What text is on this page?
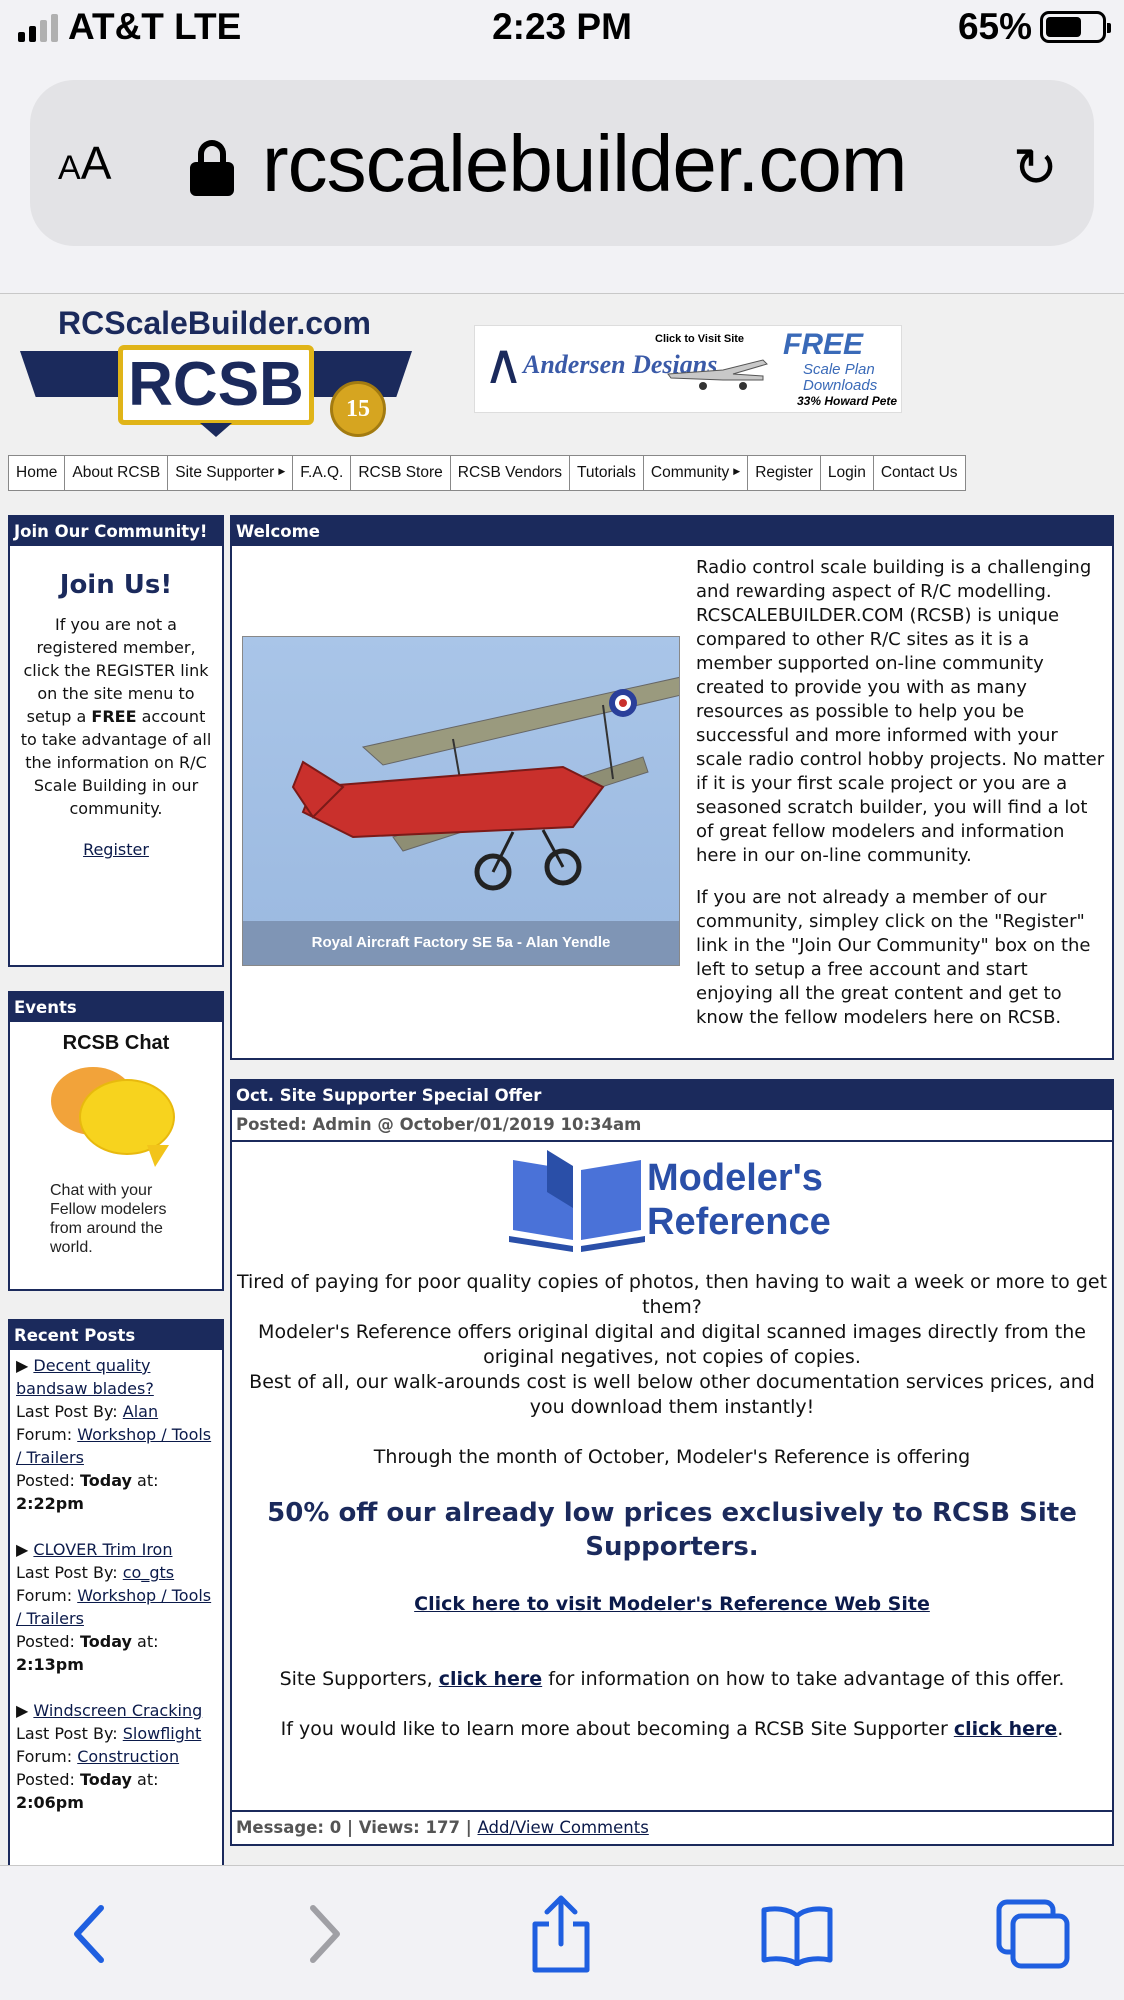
AT&T LTE	2:23 PM	65%
AA rcscalebuilder.com ↻
RCScaleBuilder.com
RCSB	15
∧ Andersen Designs
Click to Visit Site FREE
Scale Plan Downloads
33% Howard Pete
Home About RCSB Site Supporter ▶ F.A.Q. RCSB Store RCSB Vendors Tutorials Community ▶ Register Login Contact Us
Join Our Community!
Join Us!
If you are not a registered member, click the REGISTER link on the site menu to setup a FREE account to take advantage of all the information on R/C Scale Building in our community.
Register
Events
RCSB Chat
Chat with your Fellow modelers from around the world.
Recent Posts
▶ Decent quality bandsaw blades?
Last Post By: Alan
Forum: Workshop / Tools / Trailers
Posted: Today at:
2:22pm
▶ CLOVER Trim Iron
Last Post By: co_gts
Forum: Workshop / Tools / Trailers
Posted: Today at:
2:13pm
▶ Windscreen Cracking
Last Post By: Slowflight
Forum: Construction
Posted: Today at:
2:06pm
Welcome
Royal Aircraft Factory SE 5a - Alan Yendle

Radio control scale building is a challenging and rewarding aspect of R/C modelling. RCSCALEBUILDER.COM (RCSB) is unique compared to other R/C sites as it is a member supported on-line community created to provide you with as many resources as possible to help you be successful and more informed with your scale radio control hobby projects. No matter if it is your first scale project or you are a seasoned scratch builder, you will find a lot of great fellow modelers and information here in our on-line community.

If you are not already a member of our community, simpley click on the "Register" link in the "Join Our Community" box on the left to setup a free account and start enjoying all the great content and get to know the fellow modelers here on RCSB.

Oct. Site Supporter Special Offer
Posted: Admin @ October/01/2019 10:34am
Modeler's
Reference
Tired of paying for poor quality copies of photos, then having to wait a week or more to get them?
Modeler's Reference offers original digital and digital scanned images directly from the original negatives, not copies of copies.
Best of all, our walk-arounds cost is well below other documentation services prices, and you download them instantly!
Through the month of October, Modeler's Reference is offering
50% off our already low prices exclusively to RCSB Site Supporters.
Click here to visit Modeler's Reference Web Site
Site Supporters, click here for information on how to take advantage of this offer.
If you would like to learn more about becoming a RCSB Site Supporter click here.
Message: 0 | Views: 177 | Add/View Comments
